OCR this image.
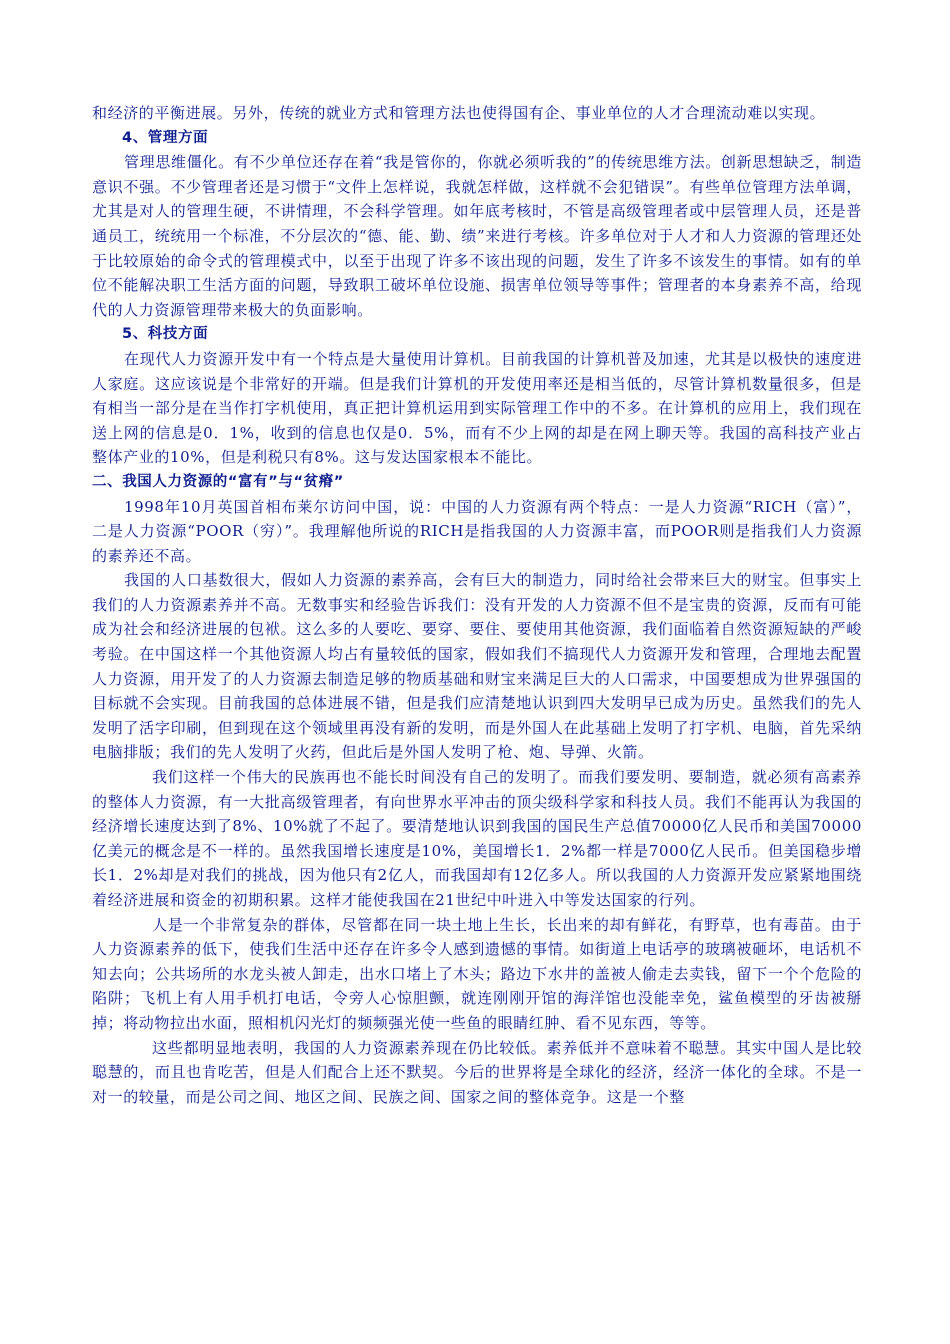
和经济的平衡进展。另外，传统的就业方式和管理方法也使得国有企、事业单位的人才合理流动难以实现。

4、管理方面

管理思维僵化。有不少单位还存在着“我是管你的，你就必须听我的”的传统思维方法。创新思想缺乏，制造意识不强。不少管理者还是习惯于“文件上怎样说，我就怎样做，这样就不会犯错误”。有些单位管理方法单调，尤其是对人的管理生硬，不讲情理，不会科学管理。如年底考核时，不管是高级管理者或中层管理人员，还是普通员工，统统用一个标准，不分层次的“德、能、勤、绩”来进行考核。许多单位对于人才和人力资源的管理还处于比较原始的命令式的管理模式中，以至于出现了许多不该出现的问题，发生了许多不该发生的事情。如有的单位不能解决职工生活方面的问题，导致职工破坏单位设施、损害单位领导等事件；管理者的本身素养不高，给现代的人力资源管理带来极大的负面影响。

5、科技方面

在现代人力资源开发中有一个特点是大量使用计算机。目前我国的计算机普及加速，尤其是以极快的速度进人家庭。这应该说是个非常好的开端。但是我们计算机的开发使用率还是相当低的，尽管计算机数量很多，但是有相当一部分是在当作打字机使用，真正把计算机运用到实际管理工作中的不多。在计算机的应用上，我们现在送上网的信息是0．1%，收到的信息也仅是0．5%，而有不少上网的却是在网上聊天等。我国的高科技产业占整体产业的10%，但是利税只有8%。这与发达国家根本不能比。

二、我国人力资源的“富有”与“贫瘠”

1998年10月英国首相布莱尔访问中国，说：中国的人力资源有两个特点：一是人力资源“RICH（富）”，二是人力资源“POOR（穷）”。我理解他所说的RICH是指我国的人力资源丰富，而POOR则是指我们人力资源的素养还不高。

我国的人口基数很大，假如人力资源的素养高，会有巨大的制造力，同时给社会带来巨大的财宝。但事实上我们的人力资源素养并不高。无数事实和经验告诉我们：没有开发的人力资源不但不是宝贵的资源，反而有可能成为社会和经济进展的包袱。这么多的人要吃、要穿、要住、要使用其他资源，我们面临着自然资源短缺的严峻考验。在中国这样一个其他资源人均占有量较低的国家，假如我们不搞现代人力资源开发和管理，合理地去配置人力资源，用开发了的人力资源去制造足够的物质基础和财宝来满足巨大的人口需求，中国要想成为世界强国的目标就不会实现。目前我国的总体进展不错，但是我们应清楚地认识到四大发明早已成为历史。虽然我们的先人发明了活字印刷，但到现在这个领域里再没有新的发明，而是外国人在此基础上发明了打字机、电脑，首先采纳电脑排版；我们的先人发明了火药，但此后是外国人发明了枪、炮、导弹、火箭。

我们这样一个伟大的民族再也不能长时间没有自己的发明了。而我们要发明、要制造，就必须有高素养的整体人力资源，有一大批高级管理者，有向世界水平冲击的顶尖级科学家和科技人员。我们不能再认为我国的经济增长速度达到了8%、10%就了不起了。要清楚地认识到我国的国民生产总值70000亿人民币和美国70000亿美元的概念是不一样的。虽然我国增长速度是10%，美国增长1．2%都一样是7000亿人民币。但美国稳步增长1．2%却是对我们的挑战，因为他只有2亿人，而我国却有12亿多人。所以我国的人力资源开发应紧紧地围绕着经济进展和资金的初期积累。这样才能使我国在21世纪中叶进入中等发达国家的行列。

人是一个非常复杂的群体，尽管都在同一块土地上生长，长出来的却有鲜花，有野草，也有毒苗。由于人力资源素养的低下，使我们生活中还存在许多令人感到遗憾的事情。如街道上电话亭的玻璃被砸坏，电话机不知去向；公共场所的水龙头被人卸走，出水口堵上了木头；路边下水井的盖被人偷走去卖钱，留下一个个危险的陷阱；飞机上有人用手机打电话，令旁人心惊胆颤，就连刚刚开馆的海洋馆也没能幸免，鲨鱼模型的牙齿被掰掉；将动物拉出水面，照相机闪光灯的频频强光使一些鱼的眼睛红肿、看不见东西，等等。

这些都明显地表明，我国的人力资源素养现在仍比较低。素养低并不意味着不聪慧。其实中国人是比较聪慧的，而且也肯吃苦，但是人们配合上还不默契。今后的世界将是全球化的经济，经济一体化的全球。不是一对一的较量，而是公司之间、地区之间、民族之间、国家之间的整体竞争。这是一个整
